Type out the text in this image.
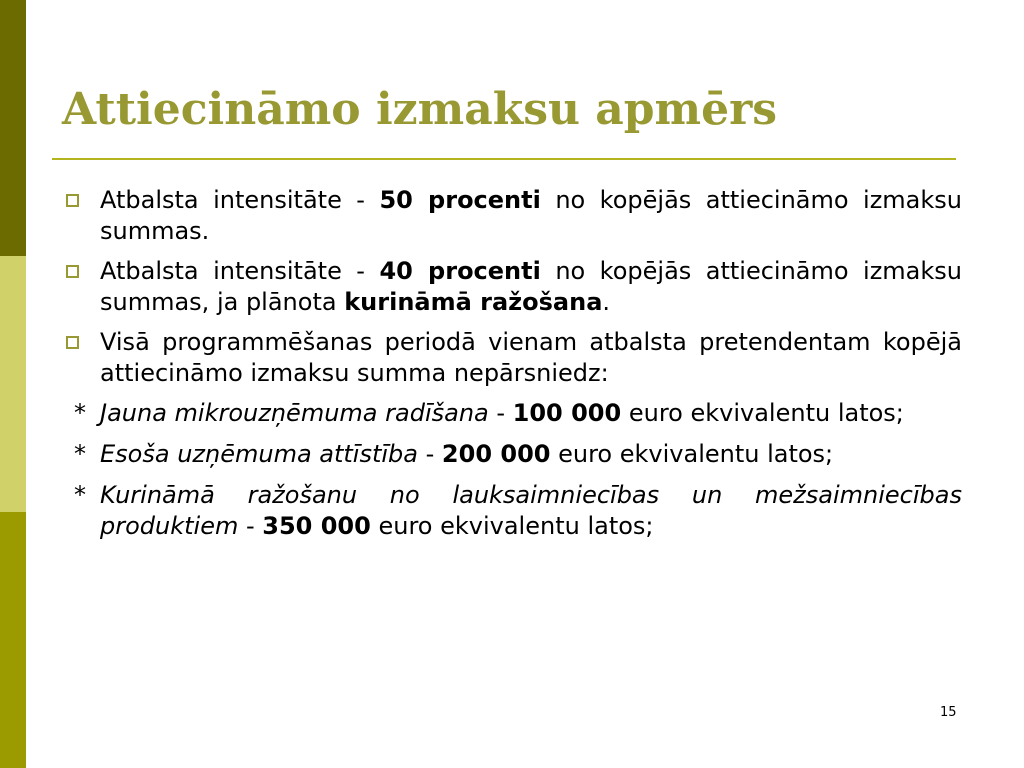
Attiecināmo izmaksu apmērs
Atbalsta intensitāte - 50 procenti no kopējās attiecināmo izmaksu summas.
Atbalsta intensitāte - 40 procenti no kopējās attiecināmo izmaksu summas, ja plānota kurināmā ražošana.
Visā programmēšanas periodā vienam atbalsta pretendentam kopējā attiecināmo izmaksu summa nepārsniedz:
* Jauna mikrouzņēmuma radīšana - 100 000 euro ekvivalentu latos;
* Esoša uzņēmuma attīstība - 200 000 euro ekvivalentu latos;
* Kurināmā ražošanu no lauksaimniecības un mežsaimniecības produktiem - 350 000 euro ekvivalentu latos;
15
